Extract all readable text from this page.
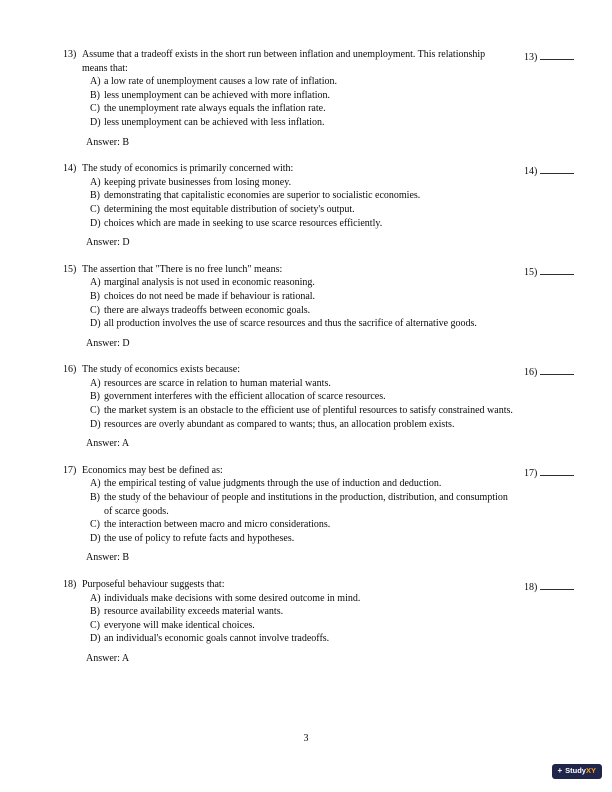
13) Assume that a tradeoff exists in the short run between inflation and unemployment. This relationship means that:
A) a low rate of unemployment causes a low rate of inflation.
B) less unemployment can be achieved with more inflation.
C) the unemployment rate always equals the inflation rate.
D) less unemployment can be achieved with less inflation.
Answer: B
13)
14) The study of economics is primarily concerned with:
A) keeping private businesses from losing money.
B) demonstrating that capitalistic economies are superior to socialistic economies.
C) determining the most equitable distribution of society's output.
D) choices which are made in seeking to use scarce resources efficiently.
Answer: D
14)
15) The assertion that "There is no free lunch" means:
A) marginal analysis is not used in economic reasoning.
B) choices do not need be made if behaviour is rational.
C) there are always tradeoffs between economic goals.
D) all production involves the use of scarce resources and thus the sacrifice of alternative goods.
Answer: D
15)
16) The study of economics exists because:
A) resources are scarce in relation to human material wants.
B) government interferes with the efficient allocation of scarce resources.
C) the market system is an obstacle to the efficient use of plentiful resources to satisfy constrained wants.
D) resources are overly abundant as compared to wants; thus, an allocation problem exists.
Answer: A
16)
17) Economics may best be defined as:
A) the empirical testing of value judgments through the use of induction and deduction.
B) the study of the behaviour of people and institutions in the production, distribution, and consumption of scarce goods.
C) the interaction between macro and micro considerations.
D) the use of policy to refute facts and hypotheses.
Answer: B
17)
18) Purposeful behaviour suggests that:
A) individuals make decisions with some desired outcome in mind.
B) resource availability exceeds material wants.
C) everyone will make identical choices.
D) an individual's economic goals cannot involve tradeoffs.
Answer: A
18)
3
+ StudyXY
